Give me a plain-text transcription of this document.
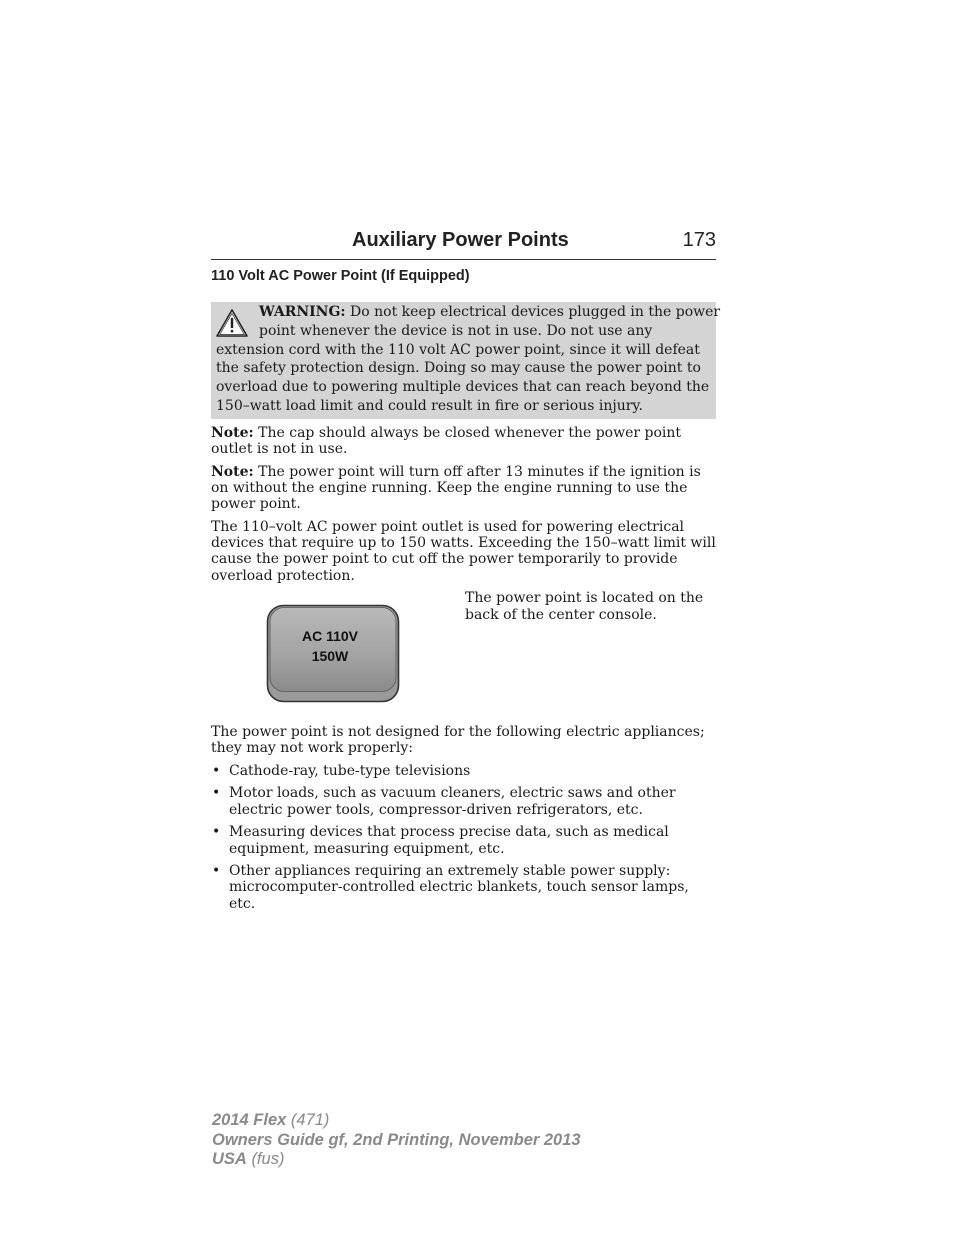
Auxiliary Power Points	173
110 Volt AC Power Point (If Equipped)
WARNING: Do not keep electrical devices plugged in the power
point whenever the device is not in use. Do not use any
extension cord with the 110 volt AC power point, since it will defeat
the safety protection design. Doing so may cause the power point to
overload due to powering multiple devices that can reach beyond the
150–watt load limit and could result in fire or serious injury.
Note: The cap should always be closed whenever the power point outlet is not in use.
Note: The power point will turn off after 13 minutes if the ignition is on without the engine running. Keep the engine running to use the power point.
The 110–volt AC power point outlet is used for powering electrical devices that require up to 150 watts. Exceeding the 150–watt limit will cause the power point to cut off the power temporarily to provide overload protection.
AC 110V
150W
The power point is located on the back of the center console.
The power point is not designed for the following electric appliances; they may not work properly:
• Cathode-ray, tube-type televisions
• Motor loads, such as vacuum cleaners, electric saws and other electric power tools, compressor-driven refrigerators, etc.
• Measuring devices that process precise data, such as medical equipment, measuring equipment, etc.
• Other appliances requiring an extremely stable power supply: microcomputer-controlled electric blankets, touch sensor lamps, etc.
2014 Flex (471)
Owners Guide gf, 2nd Printing, November 2013
USA (fus)
